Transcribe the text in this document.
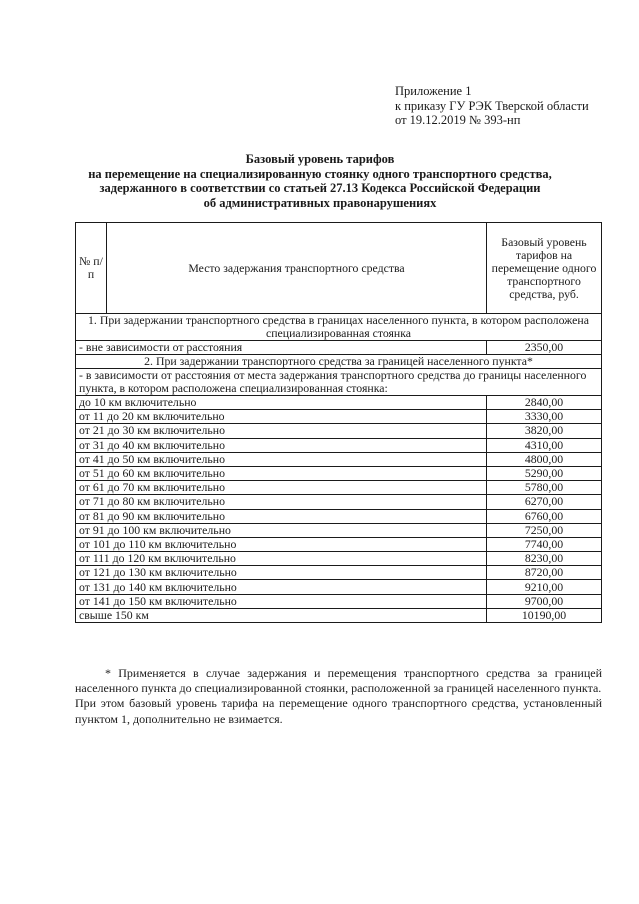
Приложение 1
к приказу ГУ РЭК Тверской области
от 19.12.2019 № 393-нп
Базовый уровень тарифов
на перемещение на специализированную стоянку одного транспортного средства,
задержанного в соответствии со статьей 27.13 Кодекса Российской Федерации
об административных правонарушениях
№ п/п	Место задержания транспортного средства	Базовый уровень тарифов на перемещение одного транспортного средства, руб.
1. При задержании транспортного средства в границах населенного пункта, в котором расположена специализированная стоянка		
- вне зависимости от расстояния		2350,00
2. При задержании транспортного средства за границей населенного пункта*		
- в зависимости от расстояния от места задержания транспортного средства до границы населенного пункта, в котором расположена специализированная стоянка:		
до 10 км включительно		2840,00
от 11 до 20 км включительно		3330,00
от 21 до 30 км включительно		3820,00
от 31 до 40 км включительно		4310,00
от 41 до 50 км включительно		4800,00
от 51 до 60 км включительно		5290,00
от 61 до 70 км включительно		5780,00
от 71 до 80 км включительно		6270,00
от 81 до 90 км включительно		6760,00
от 91 до 100 км включительно		7250,00
от 101 до 110 км включительно		7740,00
от 111 до 120 км включительно		8230,00
от 121 до 130 км включительно		8720,00
от 131 до 140 км включительно		9210,00
от 141 до 150 км включительно		9700,00
свыше 150 км		10190,00
* Применяется в случае задержания и перемещения транспортного средства за границей населенного пункта до специализированной стоянки, расположенной за границей населенного пункта.
При этом базовый уровень тарифа на перемещение одного транспортного средства, установленный пунктом 1, дополнительно не взимается.
